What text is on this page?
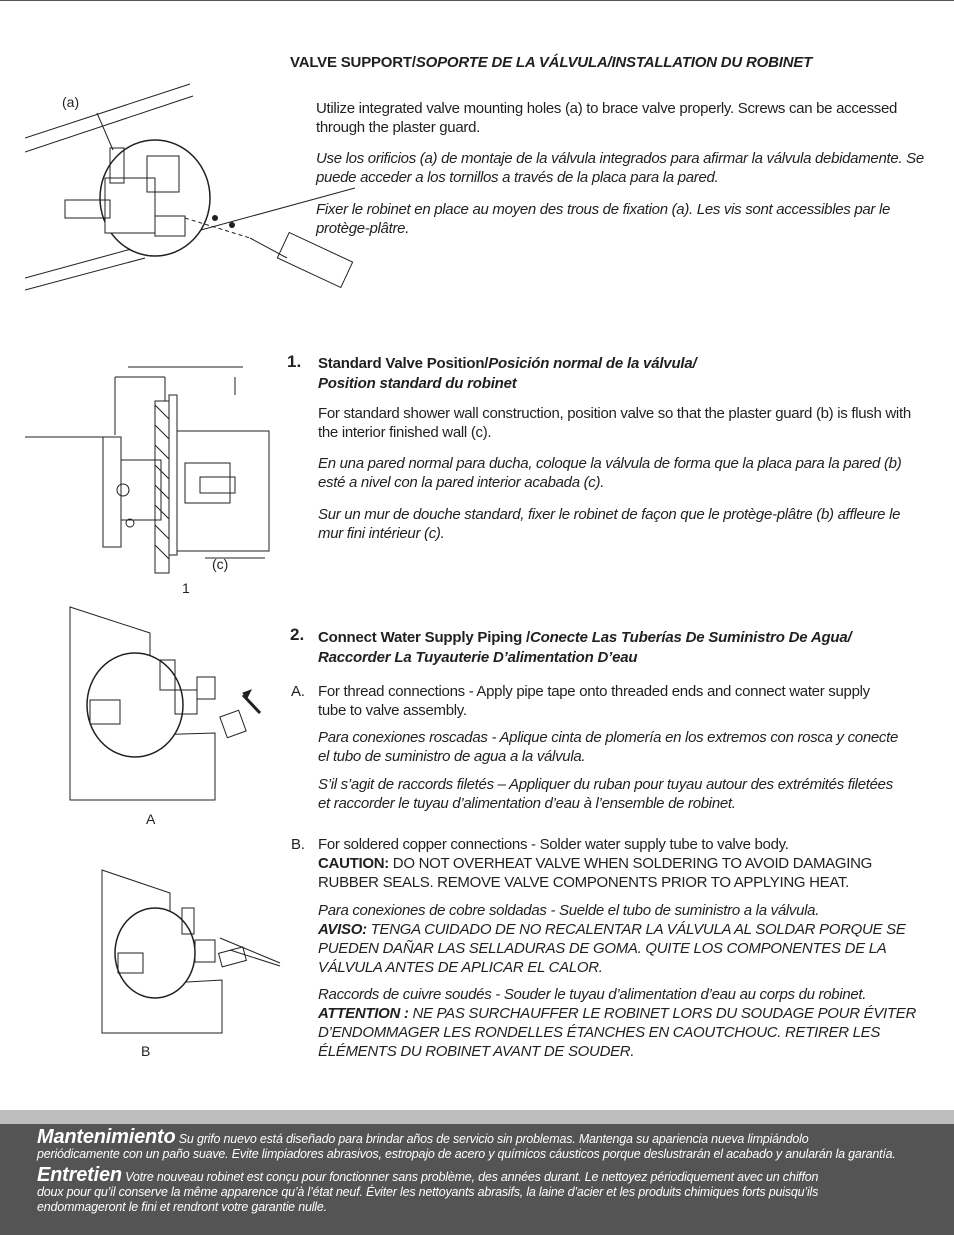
VALVE SUPPORT/SOPORTE DE LA VÁLVULA/INSTALLATION DU ROBINET
(a)	Utilize integrated valve mounting holes (a) to brace valve properly. Screws can be accessed through the plaster guard.
Use los orificios (a) de montaje de la válvula integrados para afirmar la válvula debidamente. Se puede acceder a los tornillos a través de la placa para la pared.
Fixer le robinet en place au moyen des trous de fixation (a). Les vis sont accessibles par le protège-plâtre.
1. Standard Valve Position/Posición normal de la válvula/
Position standard du robinet
For standard shower wall construction, position valve so that the plaster guard (b) is flush with the interior finished wall (c).
En una pared normal para ducha, coloque la válvula de forma que la placa para la pared (b) esté a nivel con la pared interior acabada (c).
Sur un mur de douche standard, fixer le robinet de façon que le protège-plâtre (b) affleure le mur fini intérieur (c).
(c)
1
2. Connect Water Supply Piping /Conecte Las Tuberías De Suministro De Agua/
Raccorder La Tuyauterie D’alimentation D’eau
A. For thread connections - Apply pipe tape onto threaded ends and connect water supply
tube to valve assembly.
Para conexiones roscadas - Aplique cinta de plomería en los extremos con rosca y conecte
el tubo de suministro de agua a la válvula.
S’il s’agit de raccords filetés – Appliquer du ruban pour tuyau autour des extrémités filetées
et raccorder le tuyau d’alimentation d’eau à l’ensemble de robinet.
B. For soldered copper connections - Solder water supply tube to valve body.
CAUTION: DO NOT OVERHEAT VALVE WHEN SOLDERING TO AVOID DAMAGING
RUBBER SEALS. REMOVE VALVE COMPONENTS PRIOR TO APPLYING HEAT.
Para conexiones de cobre soldadas - Suelde el tubo de suministro a la válvula.
AVISO: TENGA CUIDADO DE NO RECALENTAR LA VÁLVULA AL SOLDAR PORQUE SE
PUEDEN DAÑAR LAS SELLADURAS DE GOMA. QUITE LOS COMPONENTES DE LA
VÁLVULA ANTES DE APLICAR EL CALOR.
Raccords de cuivre soudés - Souder le tuyau d’alimentation d’eau au corps du robinet.
ATTENTION : NE PAS SURCHAUFFER LE ROBINET LORS DU SOUDAGE POUR ÉVITER
D’ENDOMMAGER LES RONDELLES ÉTANCHES EN CAOUTCHOUC. RETIRER LES
ÉLÉMENTS DU ROBINET AVANT DE SOUDER.
A
B

Mantenimiento Su grifo nuevo está diseñado para brindar años de servicio sin problemas. Mantenga su apariencia nueva limpiándolo

periódicamente con un paño suave. Evite limpiadores abrasivos, estropajo de acero y químicos cáusticos porque deslustrarán el acabado y anularán la garantía.

Entretien Votre nouveau robinet est conçu pour fonctionner sans problème, des années durant. Le nettoyez périodiquement avec un chiffon

doux pour qu’il conserve la même apparence qu’à l’état neuf. Éviter les nettoyants abrasifs, la laine d’acier et les produits chimiques forts puisqu’ils

endommageront le fini et rendront votre garantie nulle.
